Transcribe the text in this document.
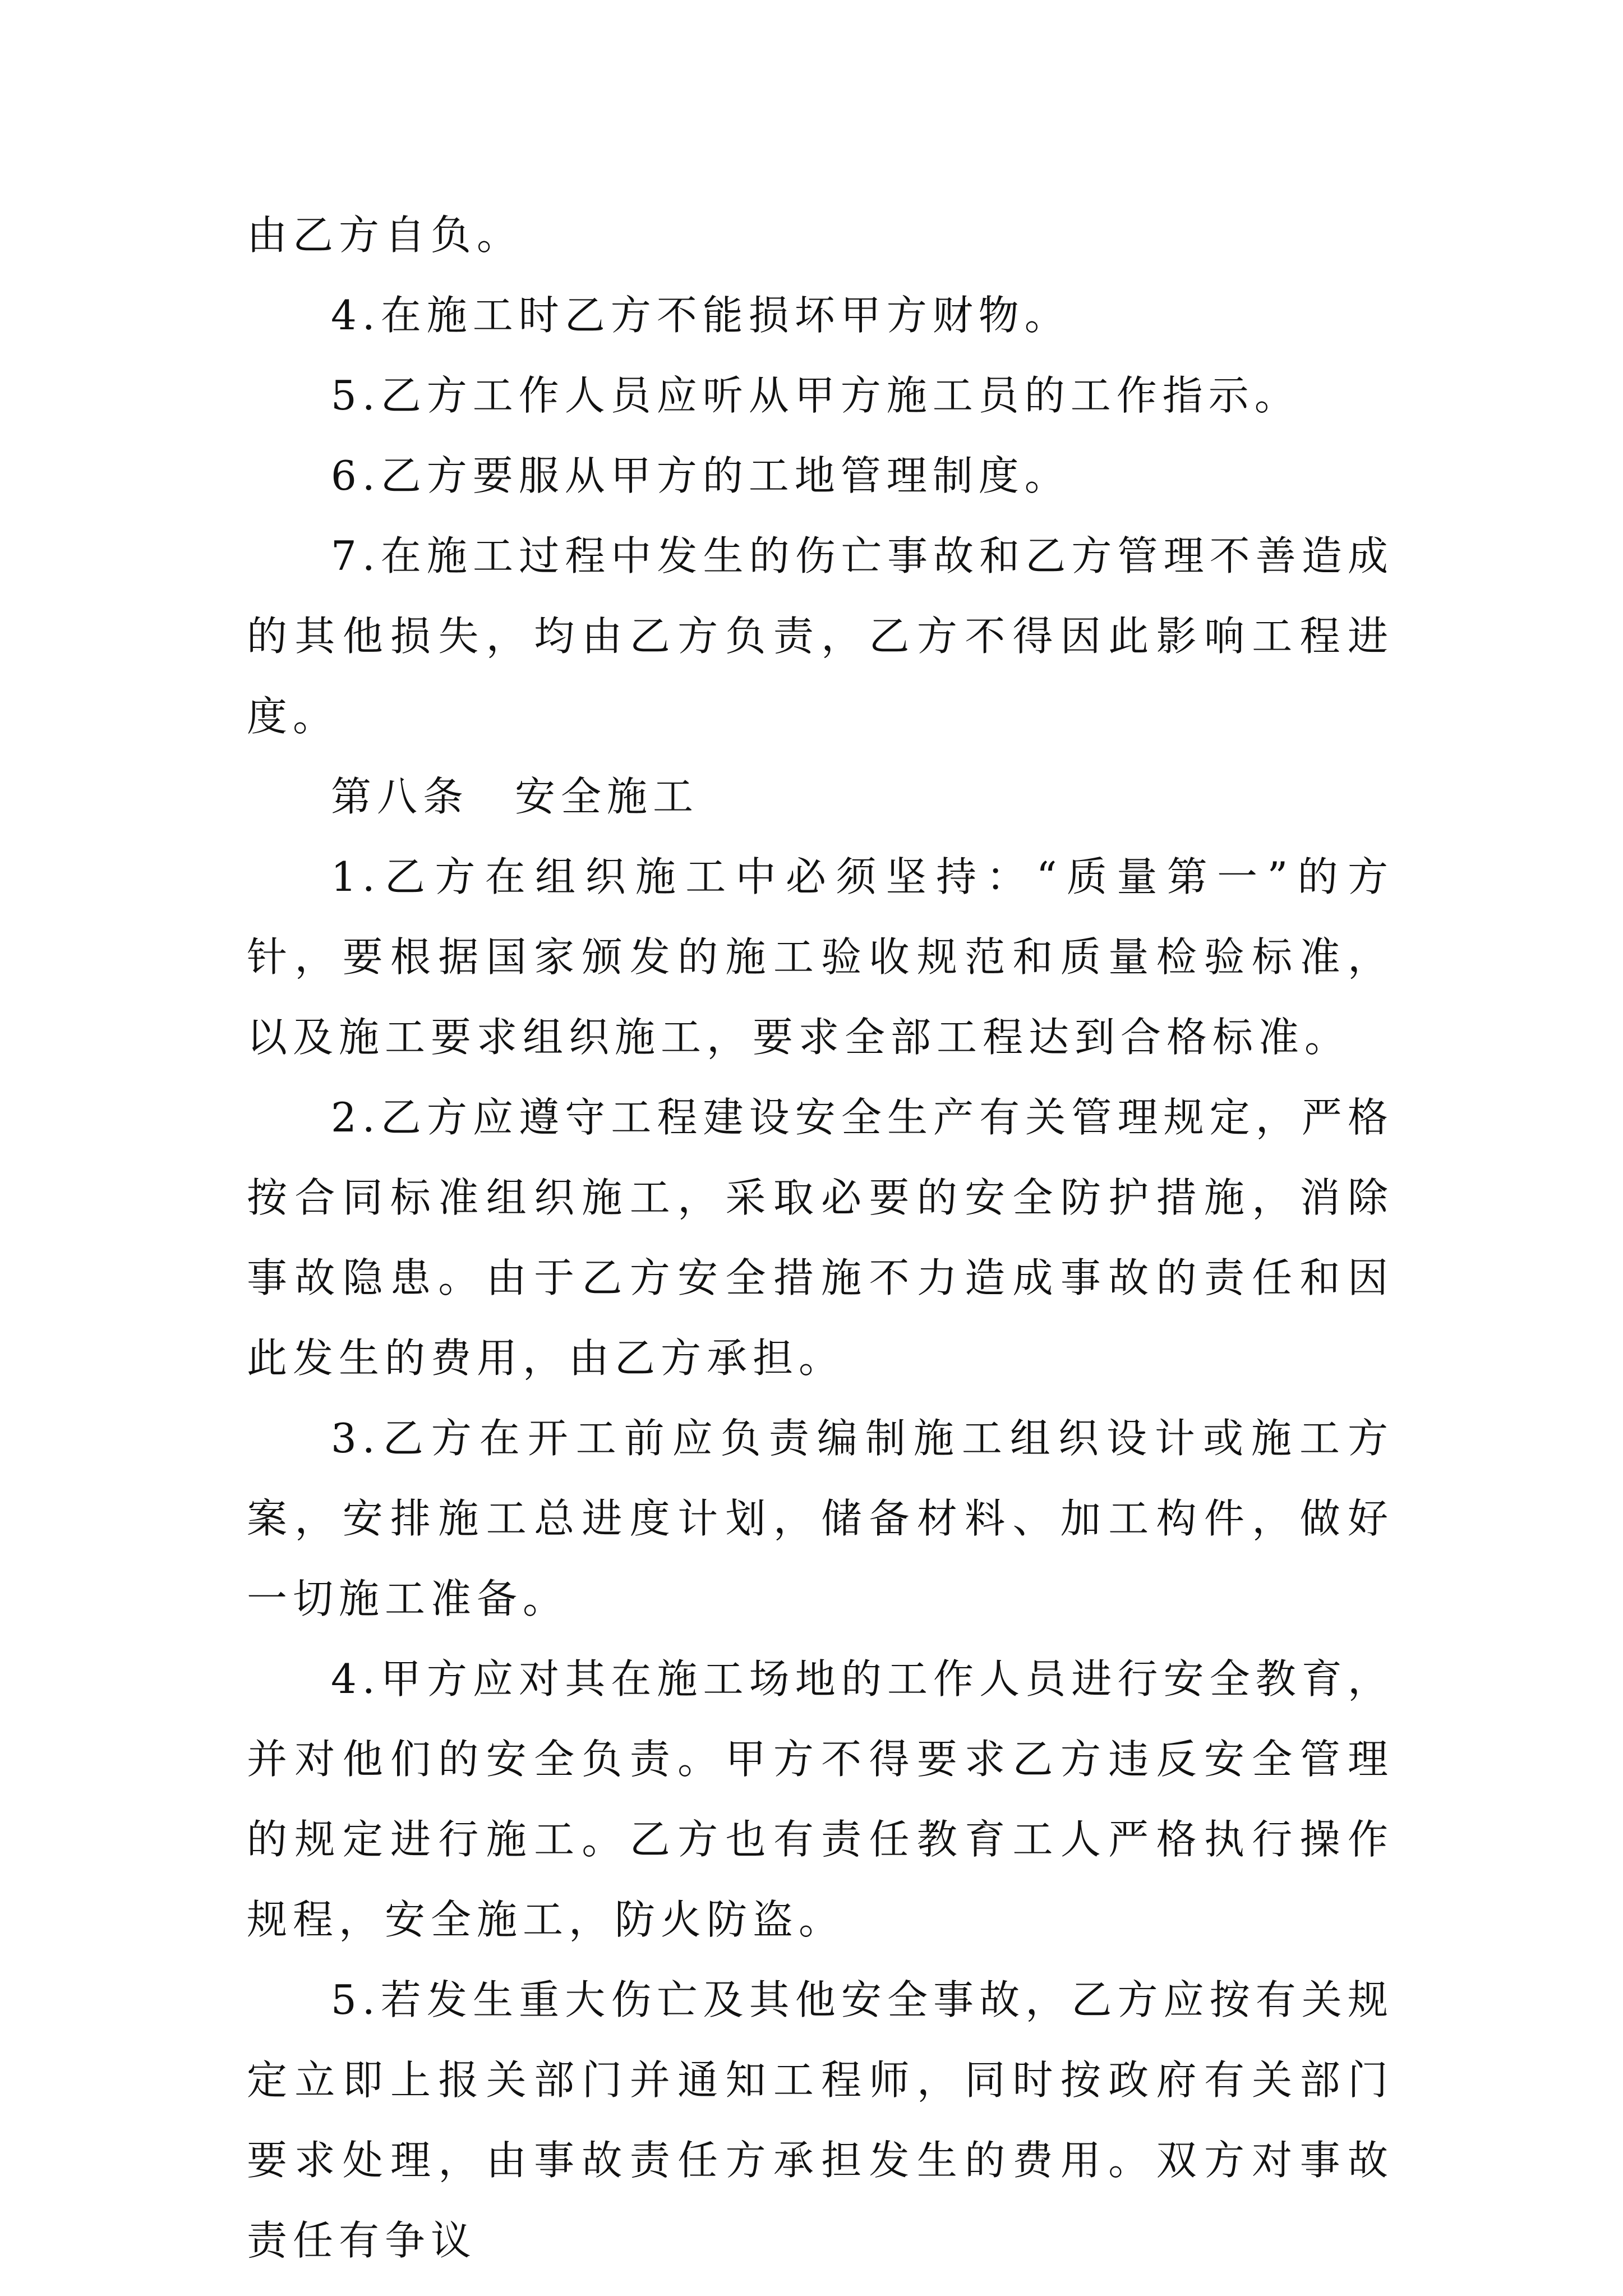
由乙方自负。

4.在施工时乙方不能损坏甲方财物。

5.乙方工作人员应听从甲方施工员的工作指示。

6.乙方要服从甲方的工地管理制度。

7.在施工过程中发生的伤亡事故和乙方管理不善造成的其他损失，均由乙方负责，乙方不得因此影响工程进度。

第八条　安全施工

1.乙方在组织施工中必须坚持：“质量第一”的方针，要根据国家颁发的施工验收规范和质量检验标准，以及施工要求组织施工，要求全部工程达到合格标准。

2.乙方应遵守工程建设安全生产有关管理规定，严格按合同标准组织施工，采取必要的安全防护措施，消除事故隐患。由于乙方安全措施不力造成事故的责任和因此发生的费用，由乙方承担。

3.乙方在开工前应负责编制施工组织设计或施工方案，安排施工总进度计划，储备材料、加工构件，做好一切施工准备。

4.甲方应对其在施工场地的工作人员进行安全教育，并对他们的安全负责。甲方不得要求乙方违反安全管理的规定进行施工。乙方也有责任教育工人严格执行操作规程，安全施工，防火防盗。

5.若发生重大伤亡及其他安全事故，乙方应按有关规定立即上报关部门并通知工程师，同时按政府有关部门要求处理，由事故责任方承担发生的费用。双方对事故责任有争议
